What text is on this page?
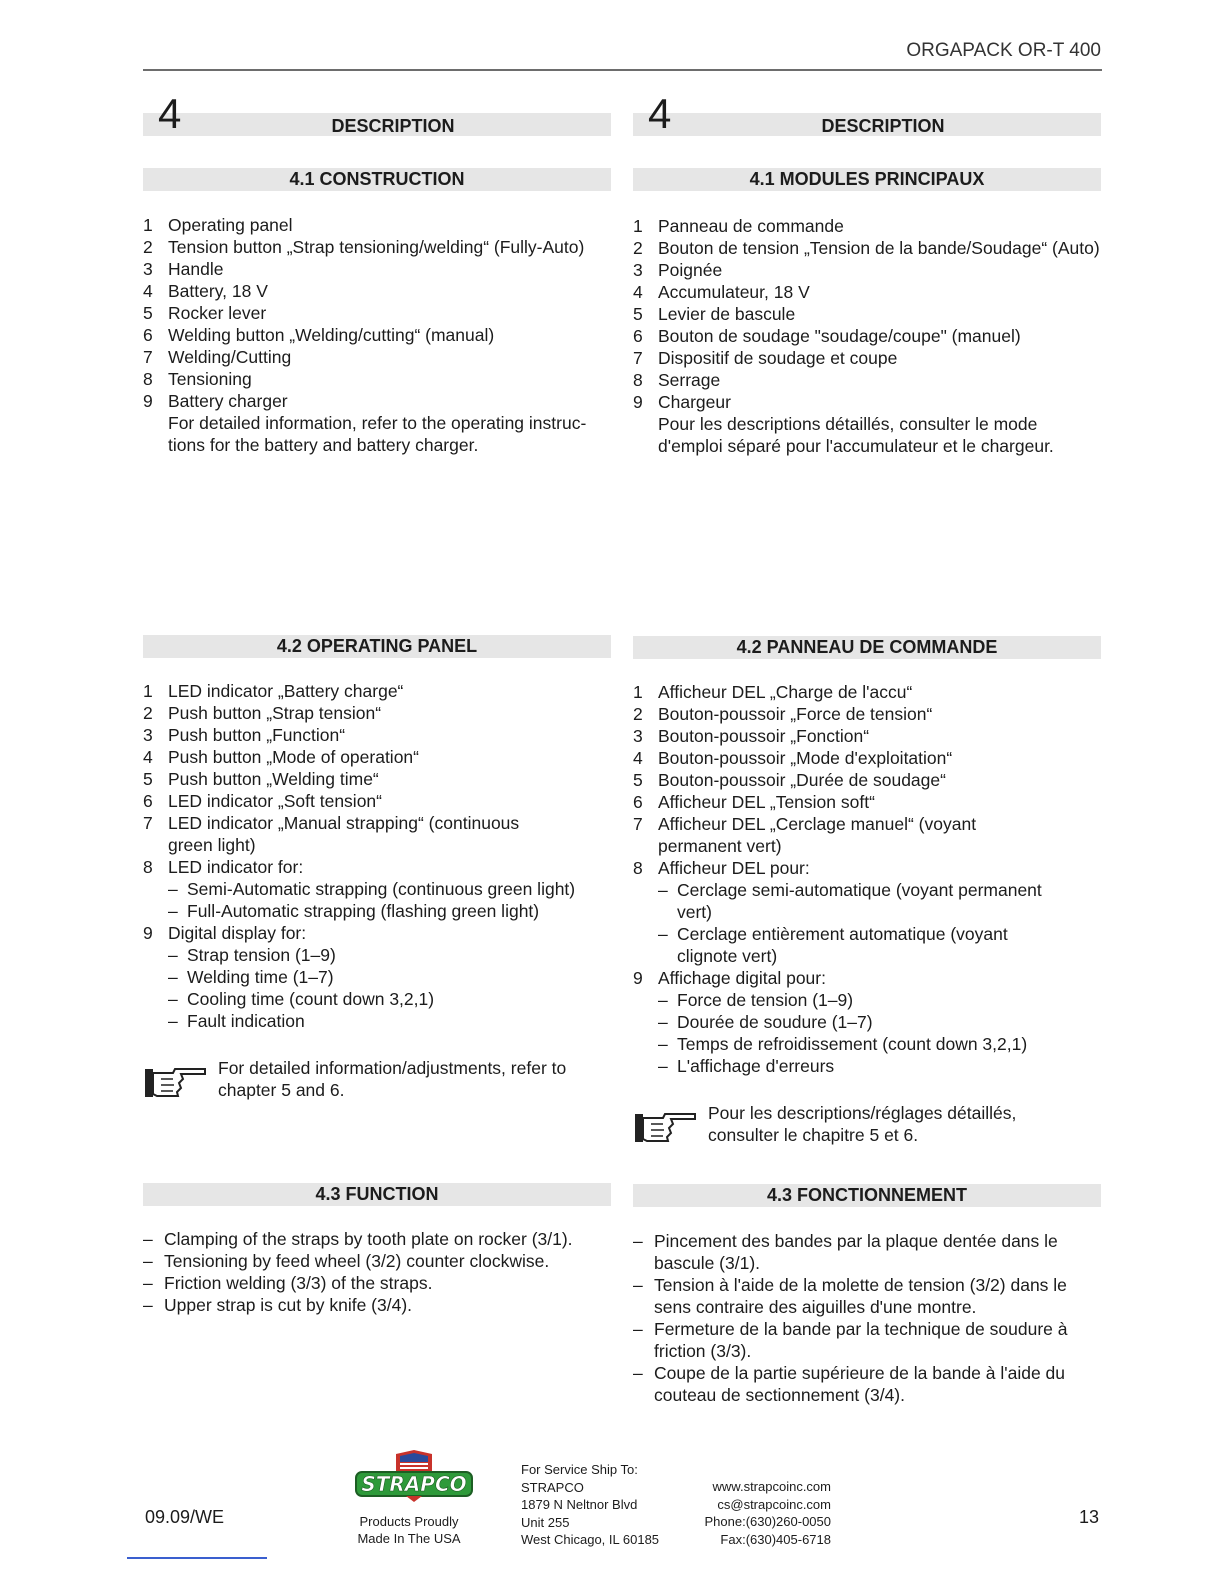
ORGAPACK OR-T 400
4	DESCRIPTION
4.1 CONSTRUCTION
1 Operating panel
2 Tension button „Strap tensioning/welding“ (Fully-Auto)
3 Handle
4 Battery, 18 V
5 Rocker lever
6 Welding button „Welding/cutting“ (manual)
7 Welding/Cutting
8 Tensioning
9 Battery charger
For detailed information, refer to the operating instruc-tions for the battery and battery charger.
4.2 OPERATING PANEL
1 LED indicator „Battery charge“
2 Push button „Strap tension“
3 Push button „Function“
4 Push button „Mode of operation“
5 Push button „Welding time“
6 LED indicator „Soft tension“
7 LED indicator „Manual strapping“ (continuous green light)
8 LED indicator for:
– Semi-Automatic strapping (continuous green light)
– Full-Automatic strapping (flashing green light)
9 Digital display for:
– Strap tension (1–9)
– Welding time (1–7)
– Cooling time (count down 3,2,1)
– Fault indication
For detailed information/adjustments, refer to chapter 5 and 6.
4.3 FUNCTION
– Clamping of the straps by tooth plate on rocker (3/1).
– Tensioning by feed wheel (3/2) counter clockwise.
– Friction welding (3/3) of the straps.
– Upper strap is cut by knife (3/4).
4	DESCRIPTION
4.1 MODULES PRINCIPAUX
1 Panneau de commande
2 Bouton de tension „Tension de la bande/Soudage“ (Auto)
3 Poignée
4 Accumulateur, 18 V
5 Levier de bascule
6 Bouton de soudage "soudage/coupe" (manuel)
7 Dispositif de soudage et coupe
8 Serrage
9 Chargeur
Pour les descriptions détaillés, consulter le mode d'emploi séparé pour l'accumulateur et le chargeur.
4.2 PANNEAU DE COMMANDE
1 Afficheur DEL „Charge de l'accu“
2 Bouton-poussoir „Force de tension“
3 Bouton-poussoir „Fonction“
4 Bouton-poussoir „Mode d'exploitation“
5 Bouton-poussoir „Durée de soudage“
6 Afficheur DEL „Tension soft“
7 Afficheur DEL „Cerclage manuel“ (voyant permanent vert)
8 Afficheur DEL pour:
– Cerclage semi-automatique (voyant permanent vert)
– Cerclage entièrement automatique (voyant clignote vert)
9 Affichage digital pour:
– Force de tension (1–9)
– Dourée de soudure (1–7)
– Temps de refroidissement (count down 3,2,1)
– L'affichage d'erreurs
Pour les descriptions/réglages détaillés, consulter le chapitre 5 et 6.
4.3 FONCTIONNEMENT
– Pincement des bandes par la plaque dentée dans le bascule (3/1).
– Tension à l'aide de la molette de tension (3/2) dans le sens contraire des aiguilles d'une montre.
– Fermeture de la bande par la technique de soudure à friction (3/3).
– Coupe de la partie supérieure de la bande à l'aide du couteau de sectionnement (3/4).
09.09/WE
STRAPCO
Products Proudly
Made In The USA
For Service Ship To:
STRAPCO
1879 N Neltnor Blvd
Unit 255
West Chicago, IL 60185
www.strapcoinc.com
cs@strapcoinc.com
Phone:(630)260-0050
Fax:(630)405-6718
13
